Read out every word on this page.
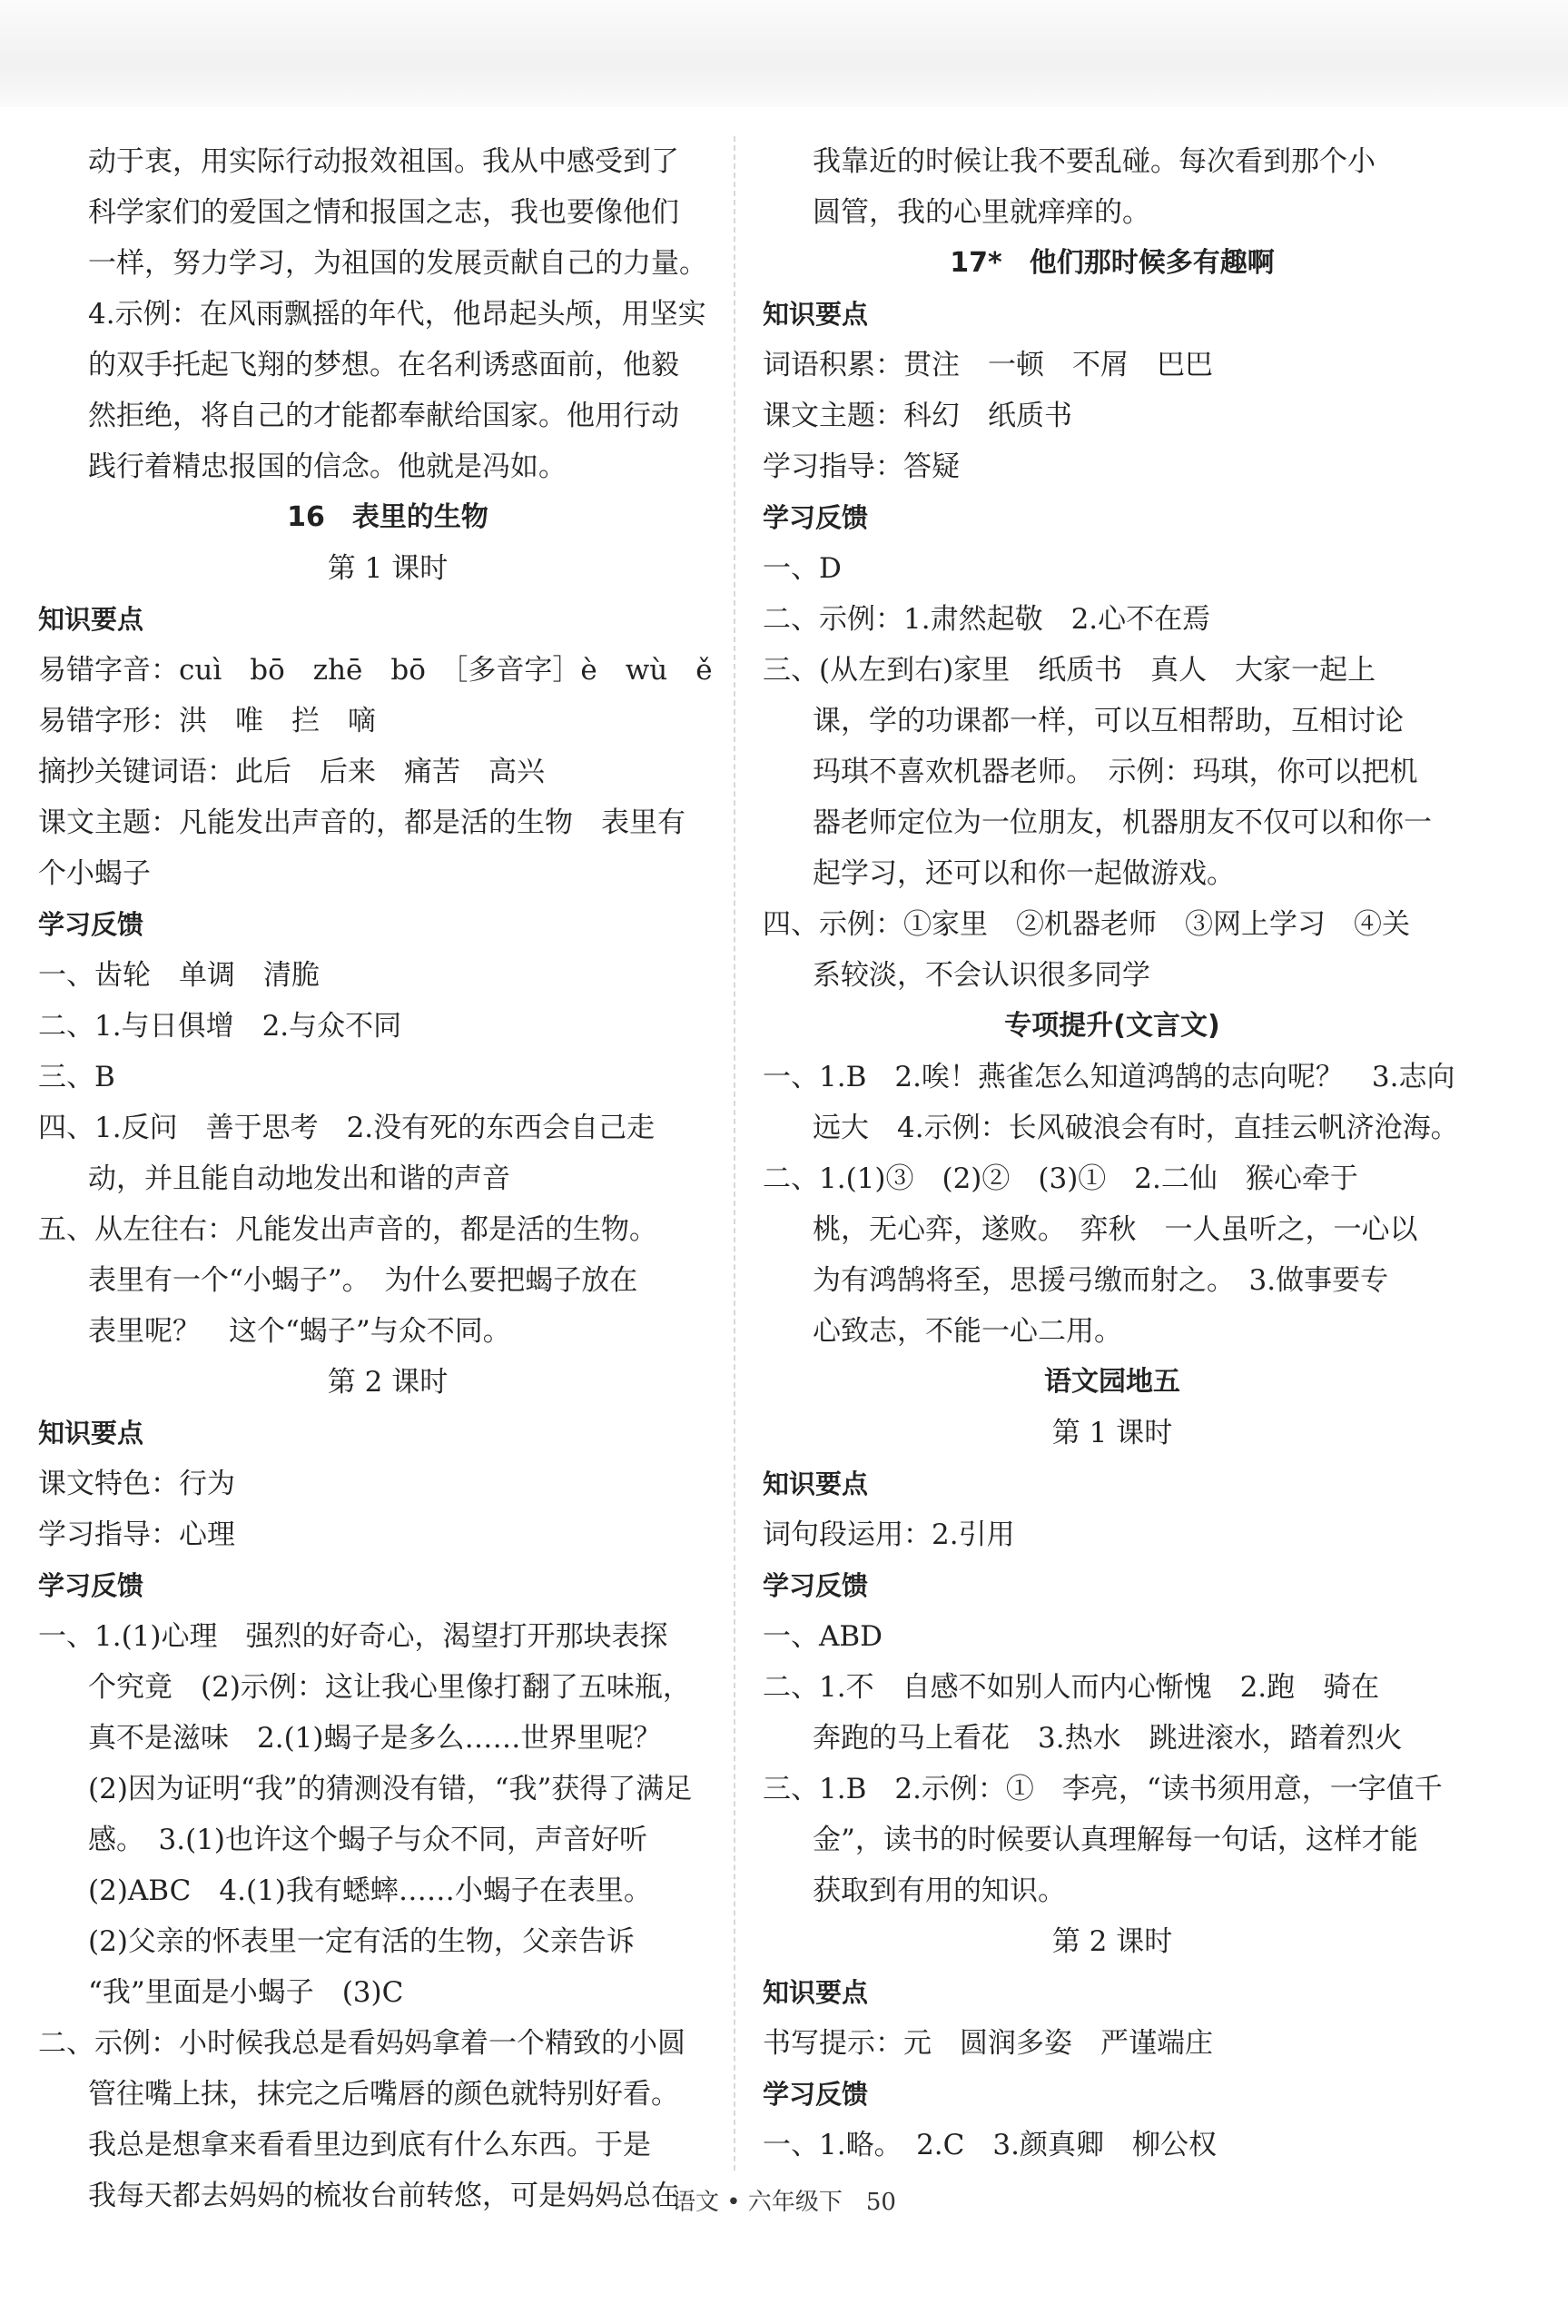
动于衷，用实际行动报效祖国。我从中感受到了

科学家们的爱国之情和报国之志，我也要像他们

一样，努力学习，为祖国的发展贡献自己的力量。

4.示例：在风雨飘摇的年代，他昂起头颅，用坚实

的双手托起飞翔的梦想。在名利诱惑面前，他毅

然拒绝，将自己的才能都奉献给国家。他用行动

践行着精忠报国的信念。他就是冯如。

16　表里的生物

第 1 课时

知识要点

易错字音：cuì　bō　zhē　bō　［多音字］è　wù　ě

易错字形：洪　唯　拦　嘀

摘抄关键词语：此后　后来　痛苦　高兴

课文主题：凡能发出声音的，都是活的生物　表里有

个小蝎子

学习反馈

一、齿轮　单调　清脆

二、1.与日俱增　2.与众不同

三、B

四、1.反问　善于思考　2.没有死的东西会自己走

动，并且能自动地发出和谐的声音

五、从左往右：凡能发出声音的，都是活的生物。

表里有一个“小蝎子”。　为什么要把蝎子放在

表里呢？　这个“蝎子”与众不同。

第 2 课时

知识要点

课文特色：行为

学习指导：心理

学习反馈

一、1.(1)心理　强烈的好奇心，渴望打开那块表探

个究竟　(2)示例：这让我心里像打翻了五味瓶，

真不是滋味　2.(1)蝎子是多么……世界里呢？

(2)因为证明“我”的猜测没有错，“我”获得了满足

感。　3.(1)也许这个蝎子与众不同，声音好听

(2)ABC　4.(1)我有蟋蟀……小蝎子在表里。

(2)父亲的怀表里一定有活的生物，父亲告诉

“我”里面是小蝎子　(3)C

二、示例：小时候我总是看妈妈拿着一个精致的小圆

管往嘴上抹，抹完之后嘴唇的颜色就特别好看。

我总是想拿来看看里边到底有什么东西。于是

我每天都去妈妈的梳妆台前转悠，可是妈妈总在

我靠近的时候让我不要乱碰。每次看到那个小

圆管，我的心里就痒痒的。

17*　他们那时候多有趣啊

知识要点

词语积累：贯注　一顿　不屑　巴巴

课文主题：科幻　纸质书

学习指导：答疑

学习反馈

一、D

二、示例：1.肃然起敬　2.心不在焉

三、(从左到右)家里　纸质书　真人　大家一起上

课，学的功课都一样，可以互相帮助，互相讨论

玛琪不喜欢机器老师。　示例：玛琪，你可以把机

器老师定位为一位朋友，机器朋友不仅可以和你一

起学习，还可以和你一起做游戏。

四、示例：①家里　②机器老师　③网上学习　④关

系较淡，不会认识很多同学

专项提升(文言文)

一、1.B　2.唉！燕雀怎么知道鸿鹄的志向呢？　3.志向

远大　4.示例：长风破浪会有时，直挂云帆济沧海。

二、1.(1)③　(2)②　(3)①　2.二仙　猴心牵于

桃，无心弈，遂败。　弈秋　一人虽听之，一心以

为有鸿鹄将至，思援弓缴而射之。　3.做事要专

心致志，不能一心二用。

语文园地五

第 1 课时

知识要点

词句段运用：2.引用

学习反馈

一、ABD

二、1.不　自感不如别人而内心惭愧　2.跑　骑在

奔跑的马上看花　3.热水　跳进滚水，踏着烈火

三、1.B　2.示例：①　李亮，“读书须用意，一字值千

金”，读书的时候要认真理解每一句话，这样才能

获取到有用的知识。

第 2 课时

知识要点

书写提示：元　圆润多姿　严谨端庄

学习反馈

一、1.略。　2.C　3.颜真卿　柳公权

语文 • 六年级下　50
